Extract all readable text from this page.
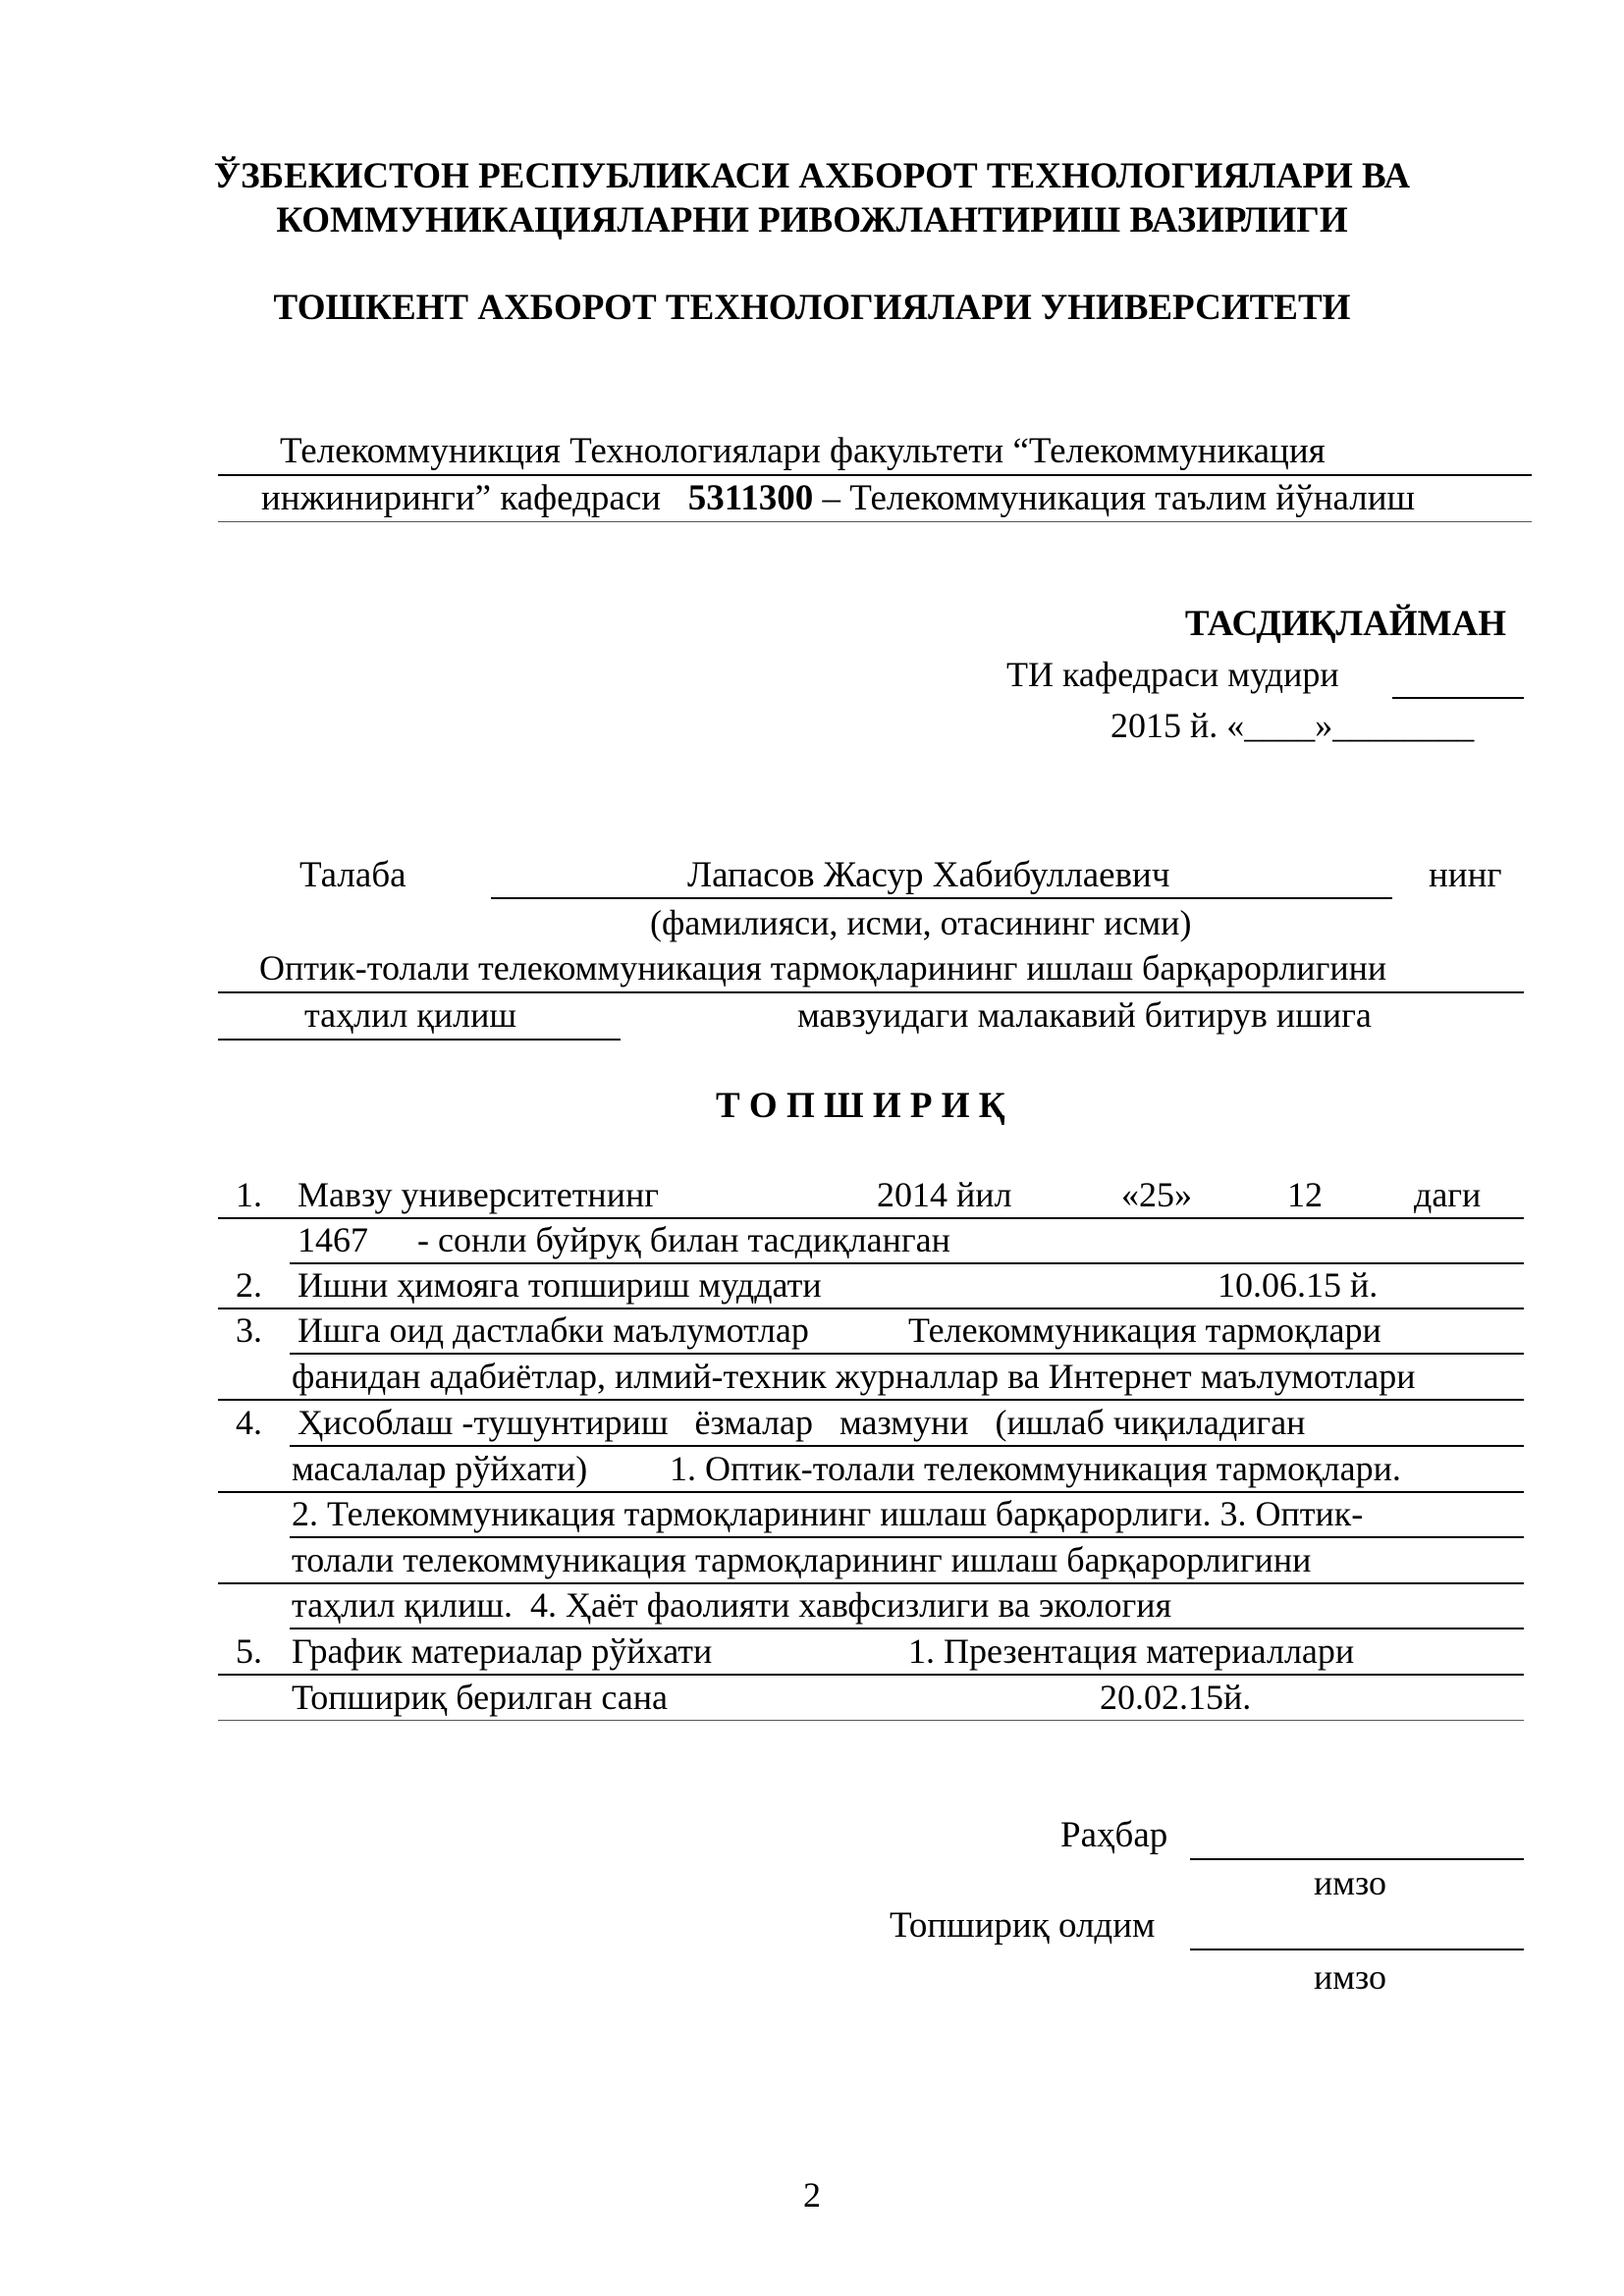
ЎЗБЕКИСТОН РЕСПУБЛИКАСИ АХБОРОТ ТЕХНОЛОГИЯЛАРИ ВА
КОММУНИКАЦИЯЛАРНИ РИВОЖЛАНТИРИШ ВАЗИРЛИГИ
ТОШКЕНТ АХБОРОТ ТЕХНОЛОГИЯЛАРИ УНИВЕРСИТЕТИ
Телекоммуникция Технологиялари факультети “Телекоммуникация
инжиниринги” кафедраси 5311300 – Телекоммуникация таълим йўналиш
ТАСДИҚЛАЙМАН
ТИ кафедраси мудири
2015 й. «____»________
Талаба	Лапасов Жасур Хабибуллаевич	нинг
(фамилияси, исми, отасининг исми)
Оптик-толали телекоммуникация тармоқларининг ишлаш барқарорлигини
таҳлил қилиш	мавзуидаги малакавий битирув ишига
Т О П Ш И Р И Қ
1. Мавзу университетнинг	2014 йил	«25»	12	даги
1467 - сонли буйруқ билан тасдиқланган
2. Ишни ҳимояга топшириш муддати	10.06.15 й.
3. Ишга оид дастлабки маълумотлар	Телекоммуникация тармоқлари
фанидан адабиётлар, илмий-техник журналлар ва Интернет маълумотлари
4. Ҳисоблаш -тушунтириш   ёзмалар   мазмуни   (ишлаб чиқиладиган
масалалар рўйхати) 1. Оптик-толали телекоммуникация тармоқлари.
2. Телекоммуникация тармоқларининг ишлаш барқарорлиги. 3. Оптик-
толали телекоммуникация тармоқларининг ишлаш барқарорлигини
таҳлил қилиш.  4. Ҳаёт фаолияти хавфсизлиги ва экология
5. График материалар рўйхати	1. Презентация материаллари
Топшириқ берилган сана	20.02.15й.
Раҳбар
имзо
Топшириқ олдим
имзо
2
